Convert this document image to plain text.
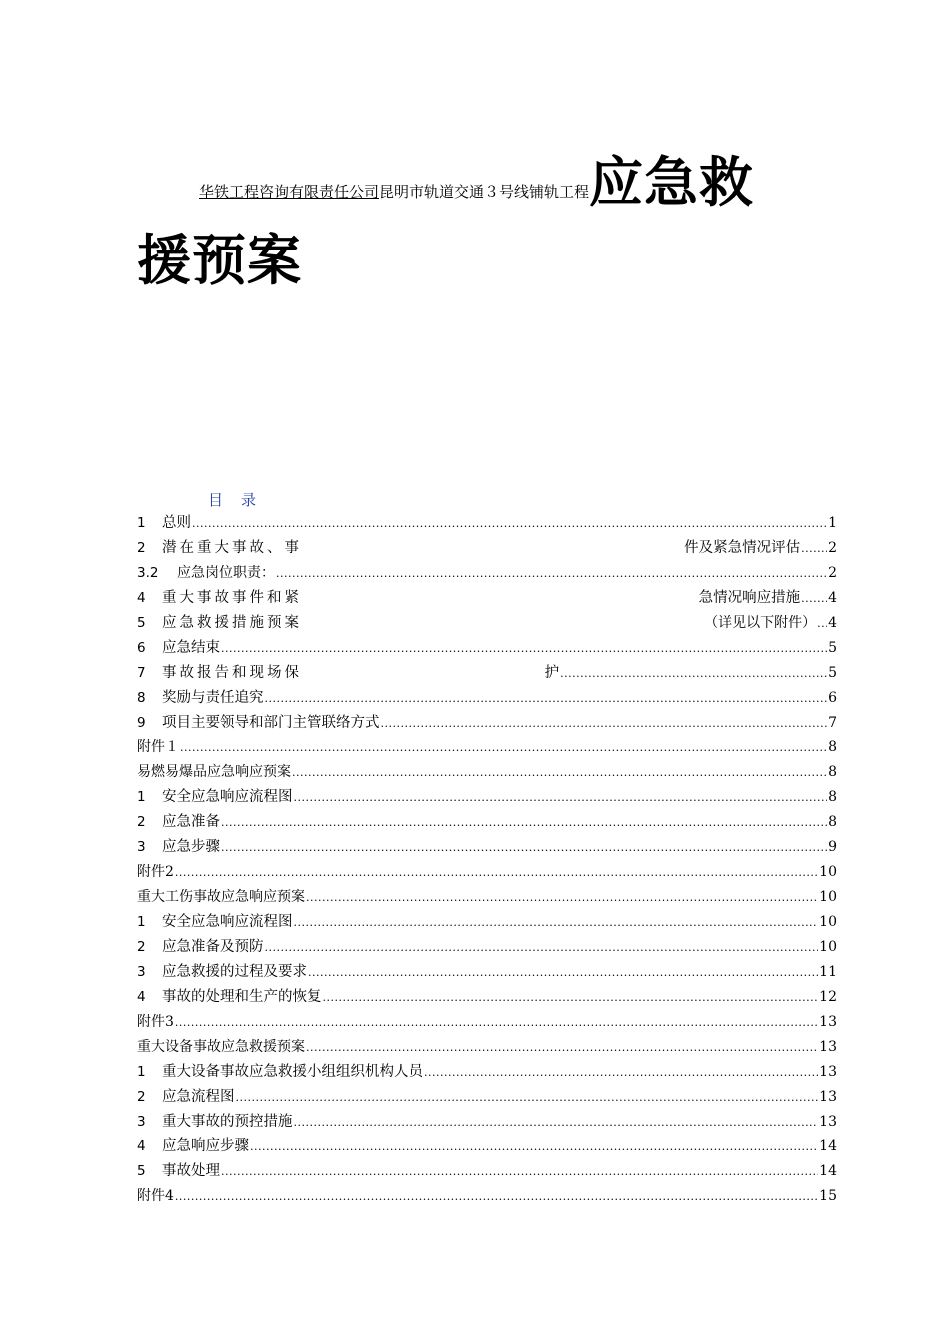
华铁工程咨询有限责任公司昆明市轨道交通３号线铺轨工程应急救
援预案
目录
1	总则 .....	1
2	潜在重大事故、事	件及紧急情况评估 ..... 2
3.2	应急岗位职责： .....	2
4	重大事故事件和紧	急情况响应措施 ..... 4
5	应急救援措施预案	（详见以下附件） ..... 4
6	应急结束 .....	5
7	事故报告和现场保	护 .....	5
8	奖励与责任追究 .....	6
9	项目主要领导和部门主管联络方式 .....	7
附件１ .....	8
易燃易爆品应急响应预案 .....	8
1	安全应急响应流程图 .....	8
2	应急准备 .....	8
3	应急步骤 .....	9
附件2 .....	10
重大工伤事故应急响应预案 .....	10
1	安全应急响应流程图 .....	10
2	应急准备及预防 .....	10
3	应急救援的过程及要求 .....	11
4	事故的处理和生产的恢复 .....	12
附件3 .....	13
重大设备事故应急救援预案 .....	13
1	重大设备事故应急救援小组组织机构人员 .....	13
2	应急流程图 .....	13
3	重大事故的预控措施 .....	13
4	应急响应步骤 .....	14
5	事故处理 .....	14
附件4 .....	15
